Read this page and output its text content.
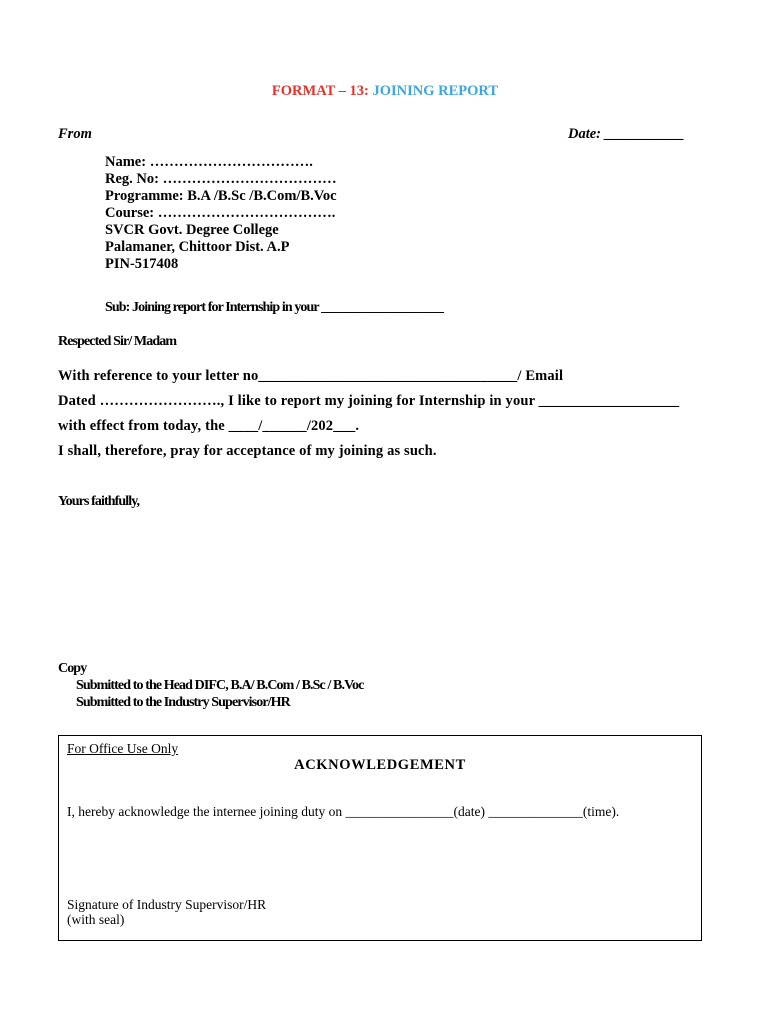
FORMAT – 13: JOINING REPORT
From	Date: ___________
Name: …………………………….
Reg. No: ………………………………
Programme: B.A /B.Sc /B.Com/B.Voc
Course: ……………………………….
SVCR Govt. Degree College
Palamaner, Chittoor Dist. A.P
PIN-517408
Sub: Joining report for Internship in your ____________________
Respected Sir/ Madam
With reference to your letter no___________________________________/ Email
Dated ……………………., I like to report my joining for Internship in your ___________________
with effect from today, the ____/______/202___.
I shall, therefore, pray for acceptance of my joining as such.
Yours faithfully,
Copy
Submitted to the Head DIFC, B.A/ B.Com / B.Sc / B.Voc
Submitted to the Industry Supervisor/HR
For Office Use Only
ACKNOWLEDGEMENT
I, hereby acknowledge the internee joining duty on ________________(date) ______________(time).
Signature of Industry Supervisor/HR
(with seal)
